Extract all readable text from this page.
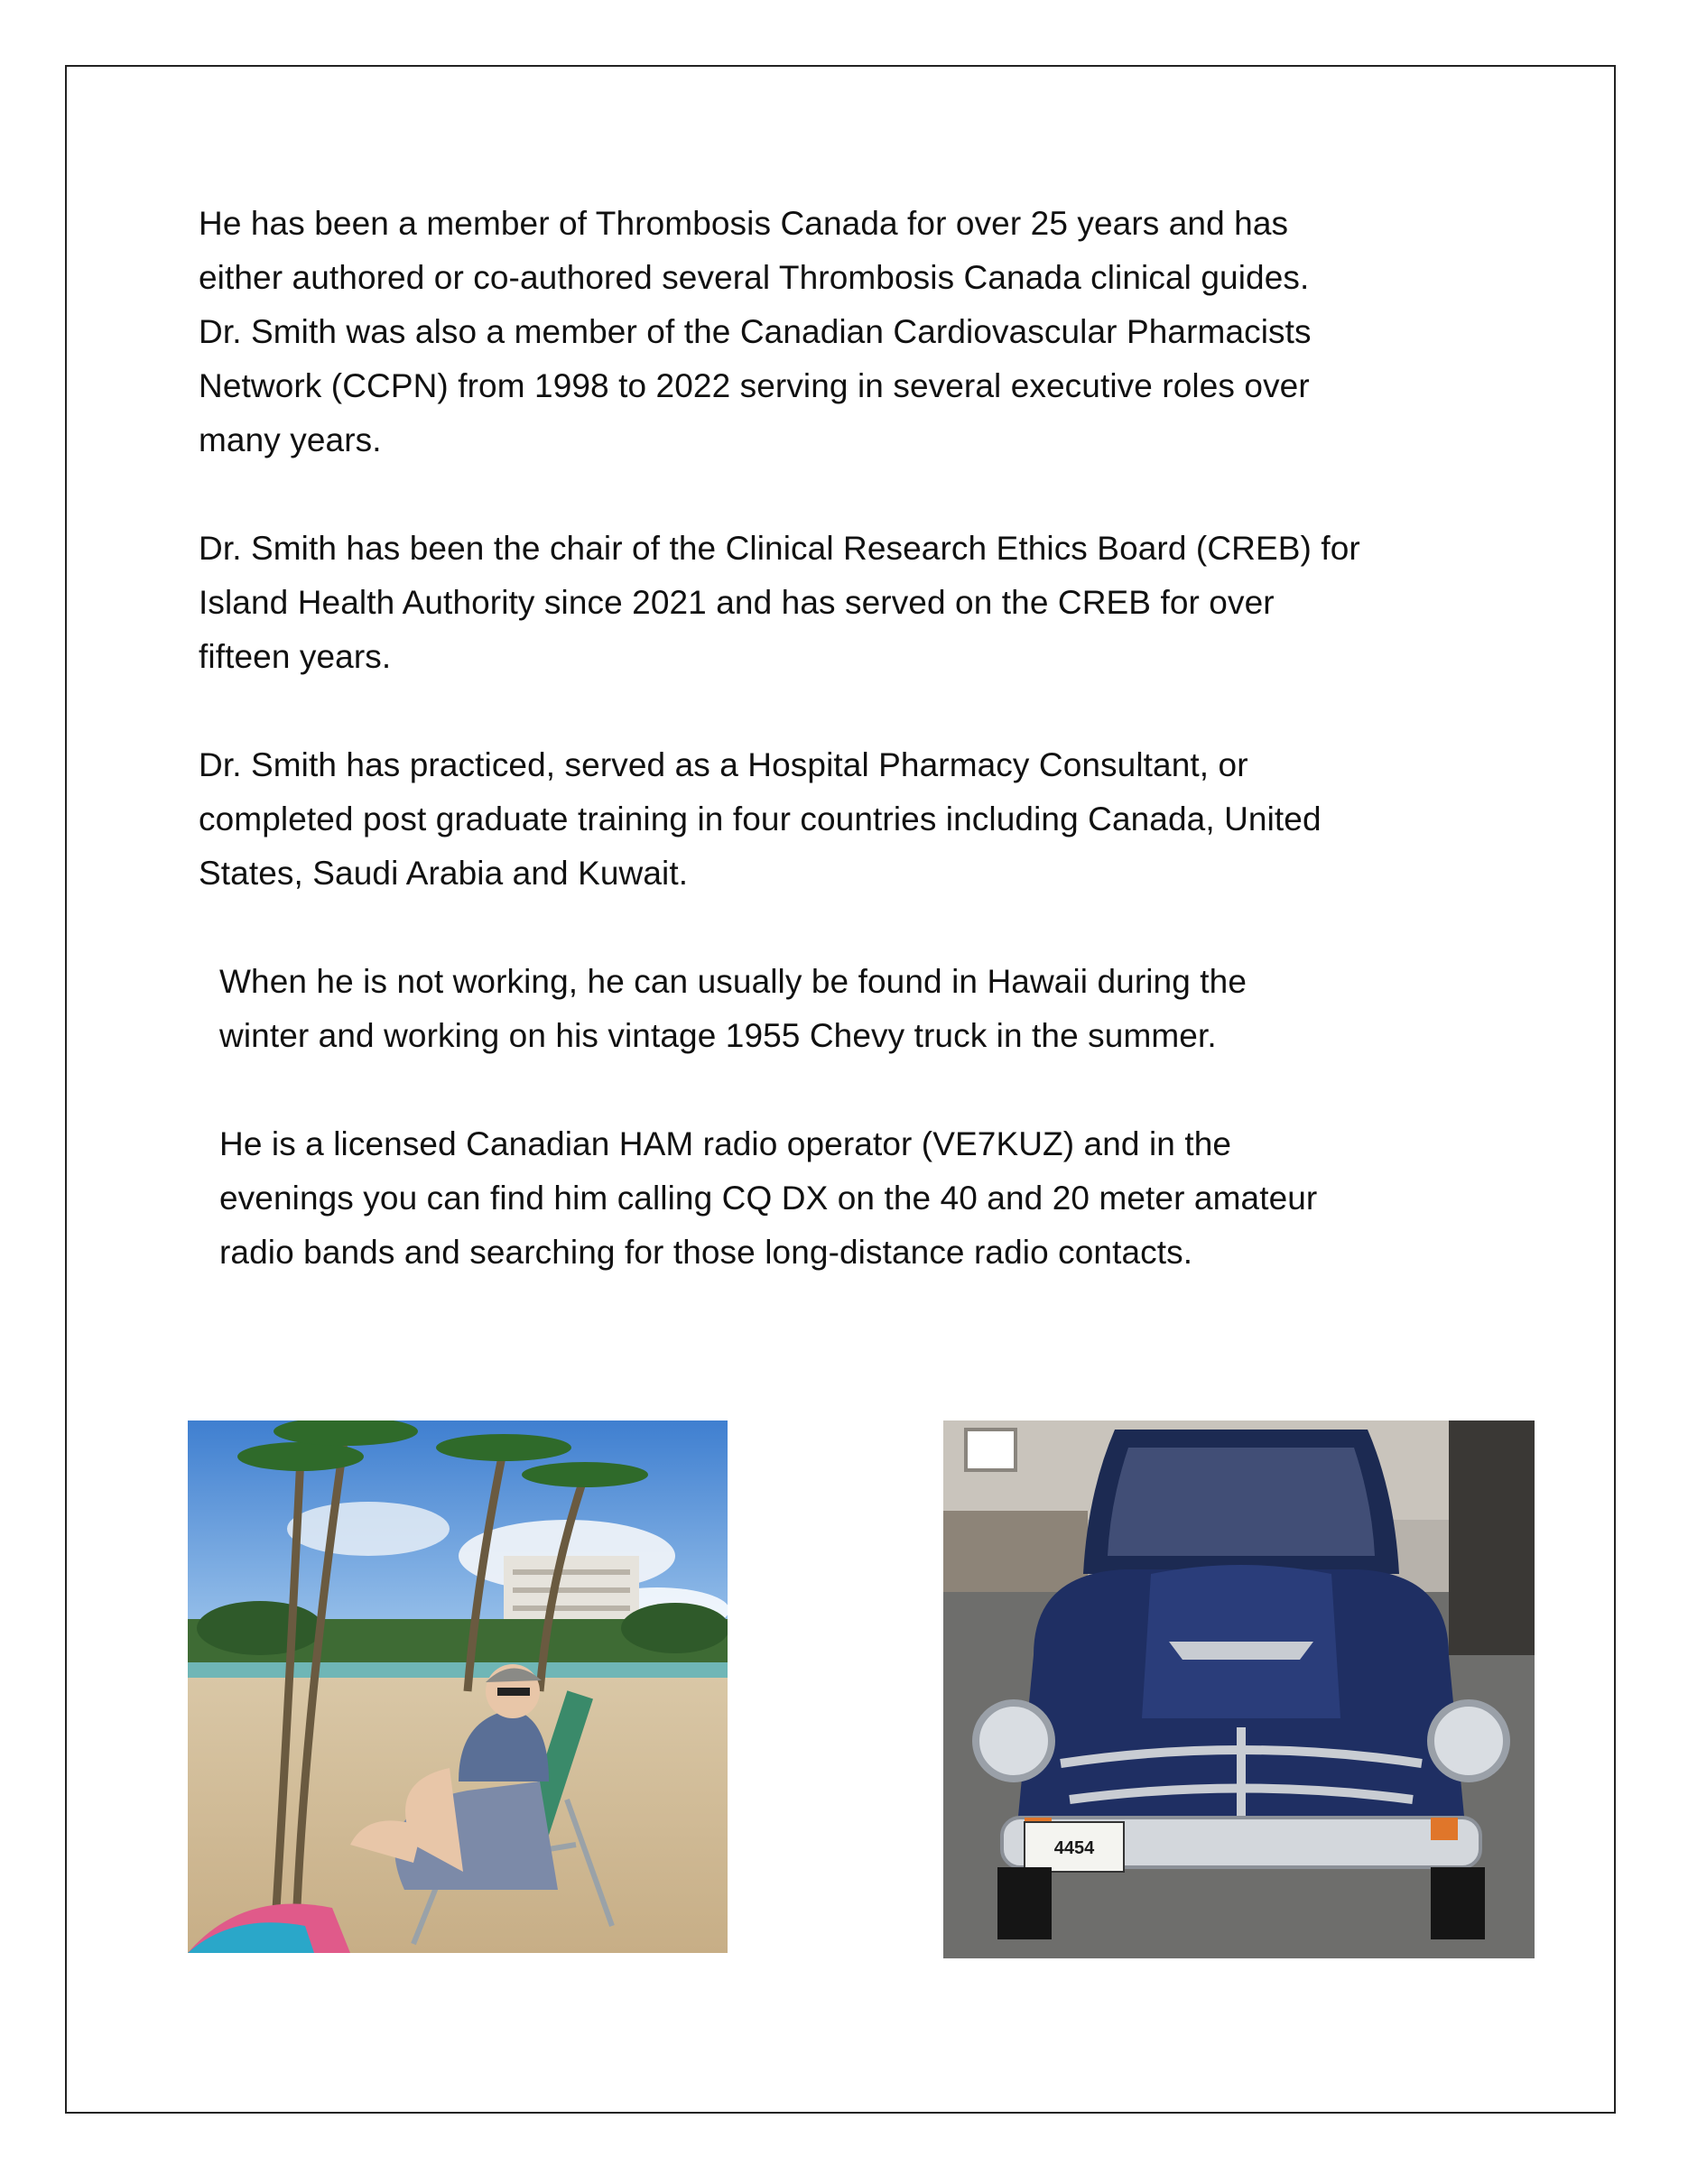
He has been a member of Thrombosis Canada for over 25 years and has
either authored or co-authored several Thrombosis Canada clinical guides.
Dr. Smith was also a member of the Canadian Cardiovascular Pharmacists
Network (CCPN) from 1998 to 2022 serving in several executive roles over
many years.

Dr. Smith has been the chair of the Clinical Research Ethics Board (CREB) for
Island Health Authority since 2021 and has served on the CREB for over
fifteen years.

Dr. Smith has practiced, served as a Hospital Pharmacy Consultant, or
completed post graduate training in four countries including Canada, United
States, Saudi Arabia and Kuwait.

When he is not working, he can usually be found in Hawaii during the
winter and working on his vintage 1955 Chevy truck in the summer.

He is a licensed Canadian HAM radio operator (VE7KUZ) and in the
evenings you can find him calling CQ DX on the 40 and 20 meter amateur
radio bands and searching for those long-distance radio contacts.

4454
